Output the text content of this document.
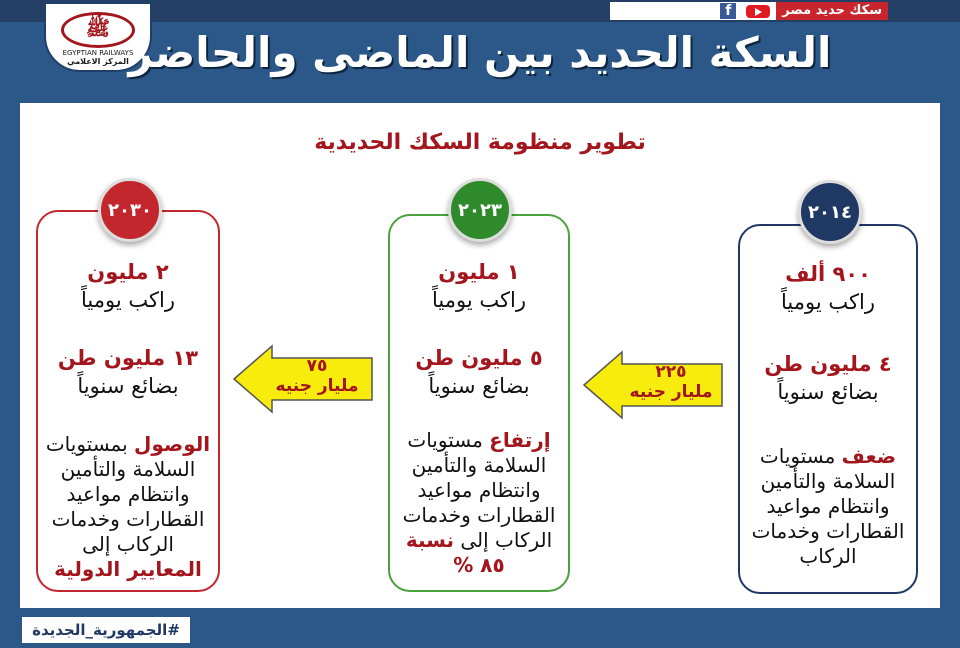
سكك حديد مصر
f
ﷺ
EGYPTIAN RAILWAYS
المركز الاعلامي السكة الحديد بين الماضى والحاضر
تطوير منظومة السكك الحديدية
٢ مليون
راكب يومياً
١٣ مليون طن
بضائع سنوياً
الوصول بمستويات السلامة والتأمين وانتظام مواعيد القطارات وخدمات الركاب إلى المعايير الدولية
٢٠٣٠
١ مليون
راكب يومياً
٥ مليون طن
بضائع سنوياً
إرتفاع مستويات السلامة والتأمين وانتظام مواعيد القطارات وخدمات الركاب إلى نسبة ٨٥ %
٢٠٢٣
٩٠٠ ألف
راكب يومياً
٤ مليون طن
بضائع سنوياً
ضعف مستويات السلامة والتأمين وانتظام مواعيد القطارات وخدمات الركاب
٢٠١٤
٢٢٥
مليار جنيه
٧٥
مليار جنيه
#الجمهورية_الجديدة
